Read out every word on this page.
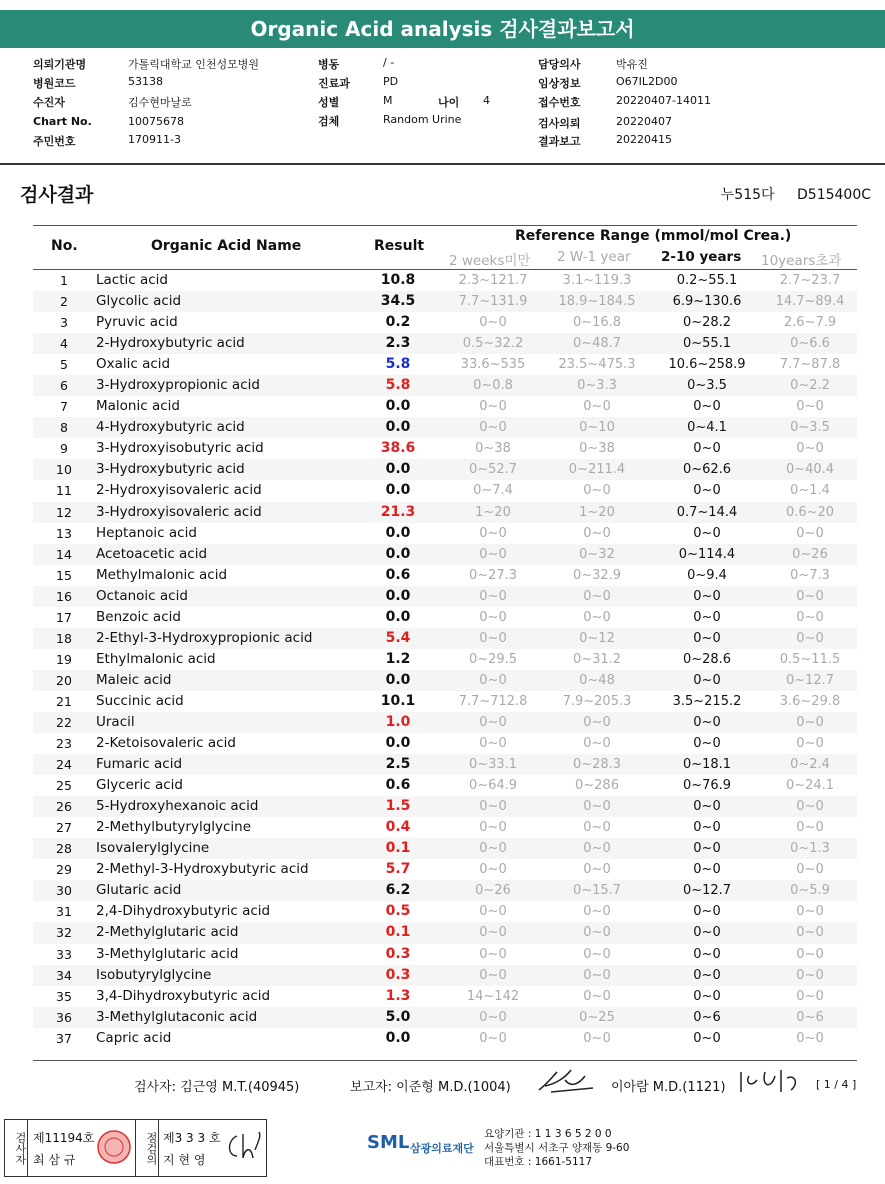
Organic Acid analysis 검사결과보고서
의뢰기관명	가톨릭대학교 인천성모병원
병원코드	53138
수진자	김수현마날로
Chart No.	10075678
주민번호	170911-3
병동	/ -
진료과	PD
성별	M
검체	Random Urine
담당의사	박유진
임상정보	O67IL2D00
접수번호	20220407-14011
검사의뢰	20220407
결과보고	20220415
나이 4
검사결과	누515다 D515400C
No.	Organic Acid Name	Result
Reference Range (mmol/mol Crea.)
2 weeks미만 2 W-1 year 2-10 years 10years초과
1	Lactic acid	10.8	2.3~121.7	3.1~119.3	0.2~55.1	2.7~23.7
2	Glycolic acid	34.5	7.7~131.9	18.9~184.5	6.9~130.6	14.7~89.4
3	Pyruvic acid	0.2	0~0	0~16.8	0~28.2	2.6~7.9
4	2-Hydroxybutyric acid	2.3	0.5~32.2	0~48.7	0~55.1	0~6.6
5	Oxalic acid	5.8	33.6~535	23.5~475.3	10.6~258.9	7.7~87.8
6	3-Hydroxypropionic acid	5.8	0~0.8	0~3.3	0~3.5	0~2.2
7	Malonic acid	0.0	0~0	0~0	0~0	0~0
8	4-Hydroxybutyric acid	0.0	0~0	0~10	0~4.1	0~3.5
9	3-Hydroxyisobutyric acid	38.6	0~38	0~38	0~0	0~0
10	3-Hydroxybutyric acid	0.0	0~52.7	0~211.4	0~62.6	0~40.4
11	2-Hydroxyisovaleric acid	0.0	0~7.4	0~0	0~0	0~1.4
12	3-Hydroxyisovaleric acid	21.3	1~20	1~20	0.7~14.4	0.6~20
13	Heptanoic acid	0.0	0~0	0~0	0~0	0~0
14	Acetoacetic acid	0.0	0~0	0~32	0~114.4	0~26
15	Methylmalonic acid	0.6	0~27.3	0~32.9	0~9.4	0~7.3
16	Octanoic acid	0.0	0~0	0~0	0~0	0~0
17	Benzoic acid	0.0	0~0	0~0	0~0	0~0
18	2-Ethyl-3-Hydroxypropionic acid	5.4	0~0	0~12	0~0	0~0
19	Ethylmalonic acid	1.2	0~29.5	0~31.2	0~28.6	0.5~11.5
20	Maleic acid	0.0	0~0	0~48	0~0	0~12.7
21	Succinic acid	10.1	7.7~712.8	7.9~205.3	3.5~215.2	3.6~29.8
22	Uracil	1.0	0~0	0~0	0~0	0~0
23	2-Ketoisovaleric acid	0.0	0~0	0~0	0~0	0~0
24	Fumaric acid	2.5	0~33.1	0~28.3	0~18.1	0~2.4
25	Glyceric acid	0.6	0~64.9	0~286	0~76.9	0~24.1
26	5-Hydroxyhexanoic acid	1.5	0~0	0~0	0~0	0~0
27	2-Methylbutyrylglycine	0.4	0~0	0~0	0~0	0~0
28	Isovalerylglycine	0.1	0~0	0~0	0~0	0~1.3
29	2-Methyl-3-Hydroxybutyric acid	5.7	0~0	0~0	0~0	0~0
30	Glutaric acid	6.2	0~26	0~15.7	0~12.7	0~5.9
31	2,4-Dihydroxybutyric acid	0.5	0~0	0~0	0~0	0~0
32	2-Methylglutaric acid	0.1	0~0	0~0	0~0	0~0
33	3-Methylglutaric acid	0.3	0~0	0~0	0~0	0~0
34	Isobutyrylglycine	0.3	0~0	0~0	0~0	0~0
35	3,4-Dihydroxybutyric acid	1.3	14~142	0~0	0~0	0~0
36	3-Methylglutaconic acid	5.0	0~0	0~25	0~6	0~6
37	Capric acid	0.0	0~0	0~0	0~0	0~0
검사자: 김근영 M.T.(40945)	보고자: 이준형 M.D.(1004)	이아람 M.D.(1121)	[ 1 / 4 ]
검사자 제11194호
최 삼 규	점검의 제3 3 3 호
지 현 영
SML 삼광의료재단
요양기관 : 1 1 3 6 5 2 0 0
서울특별시 서초구 양재동 9-60
대표번호 : 1661-5117
